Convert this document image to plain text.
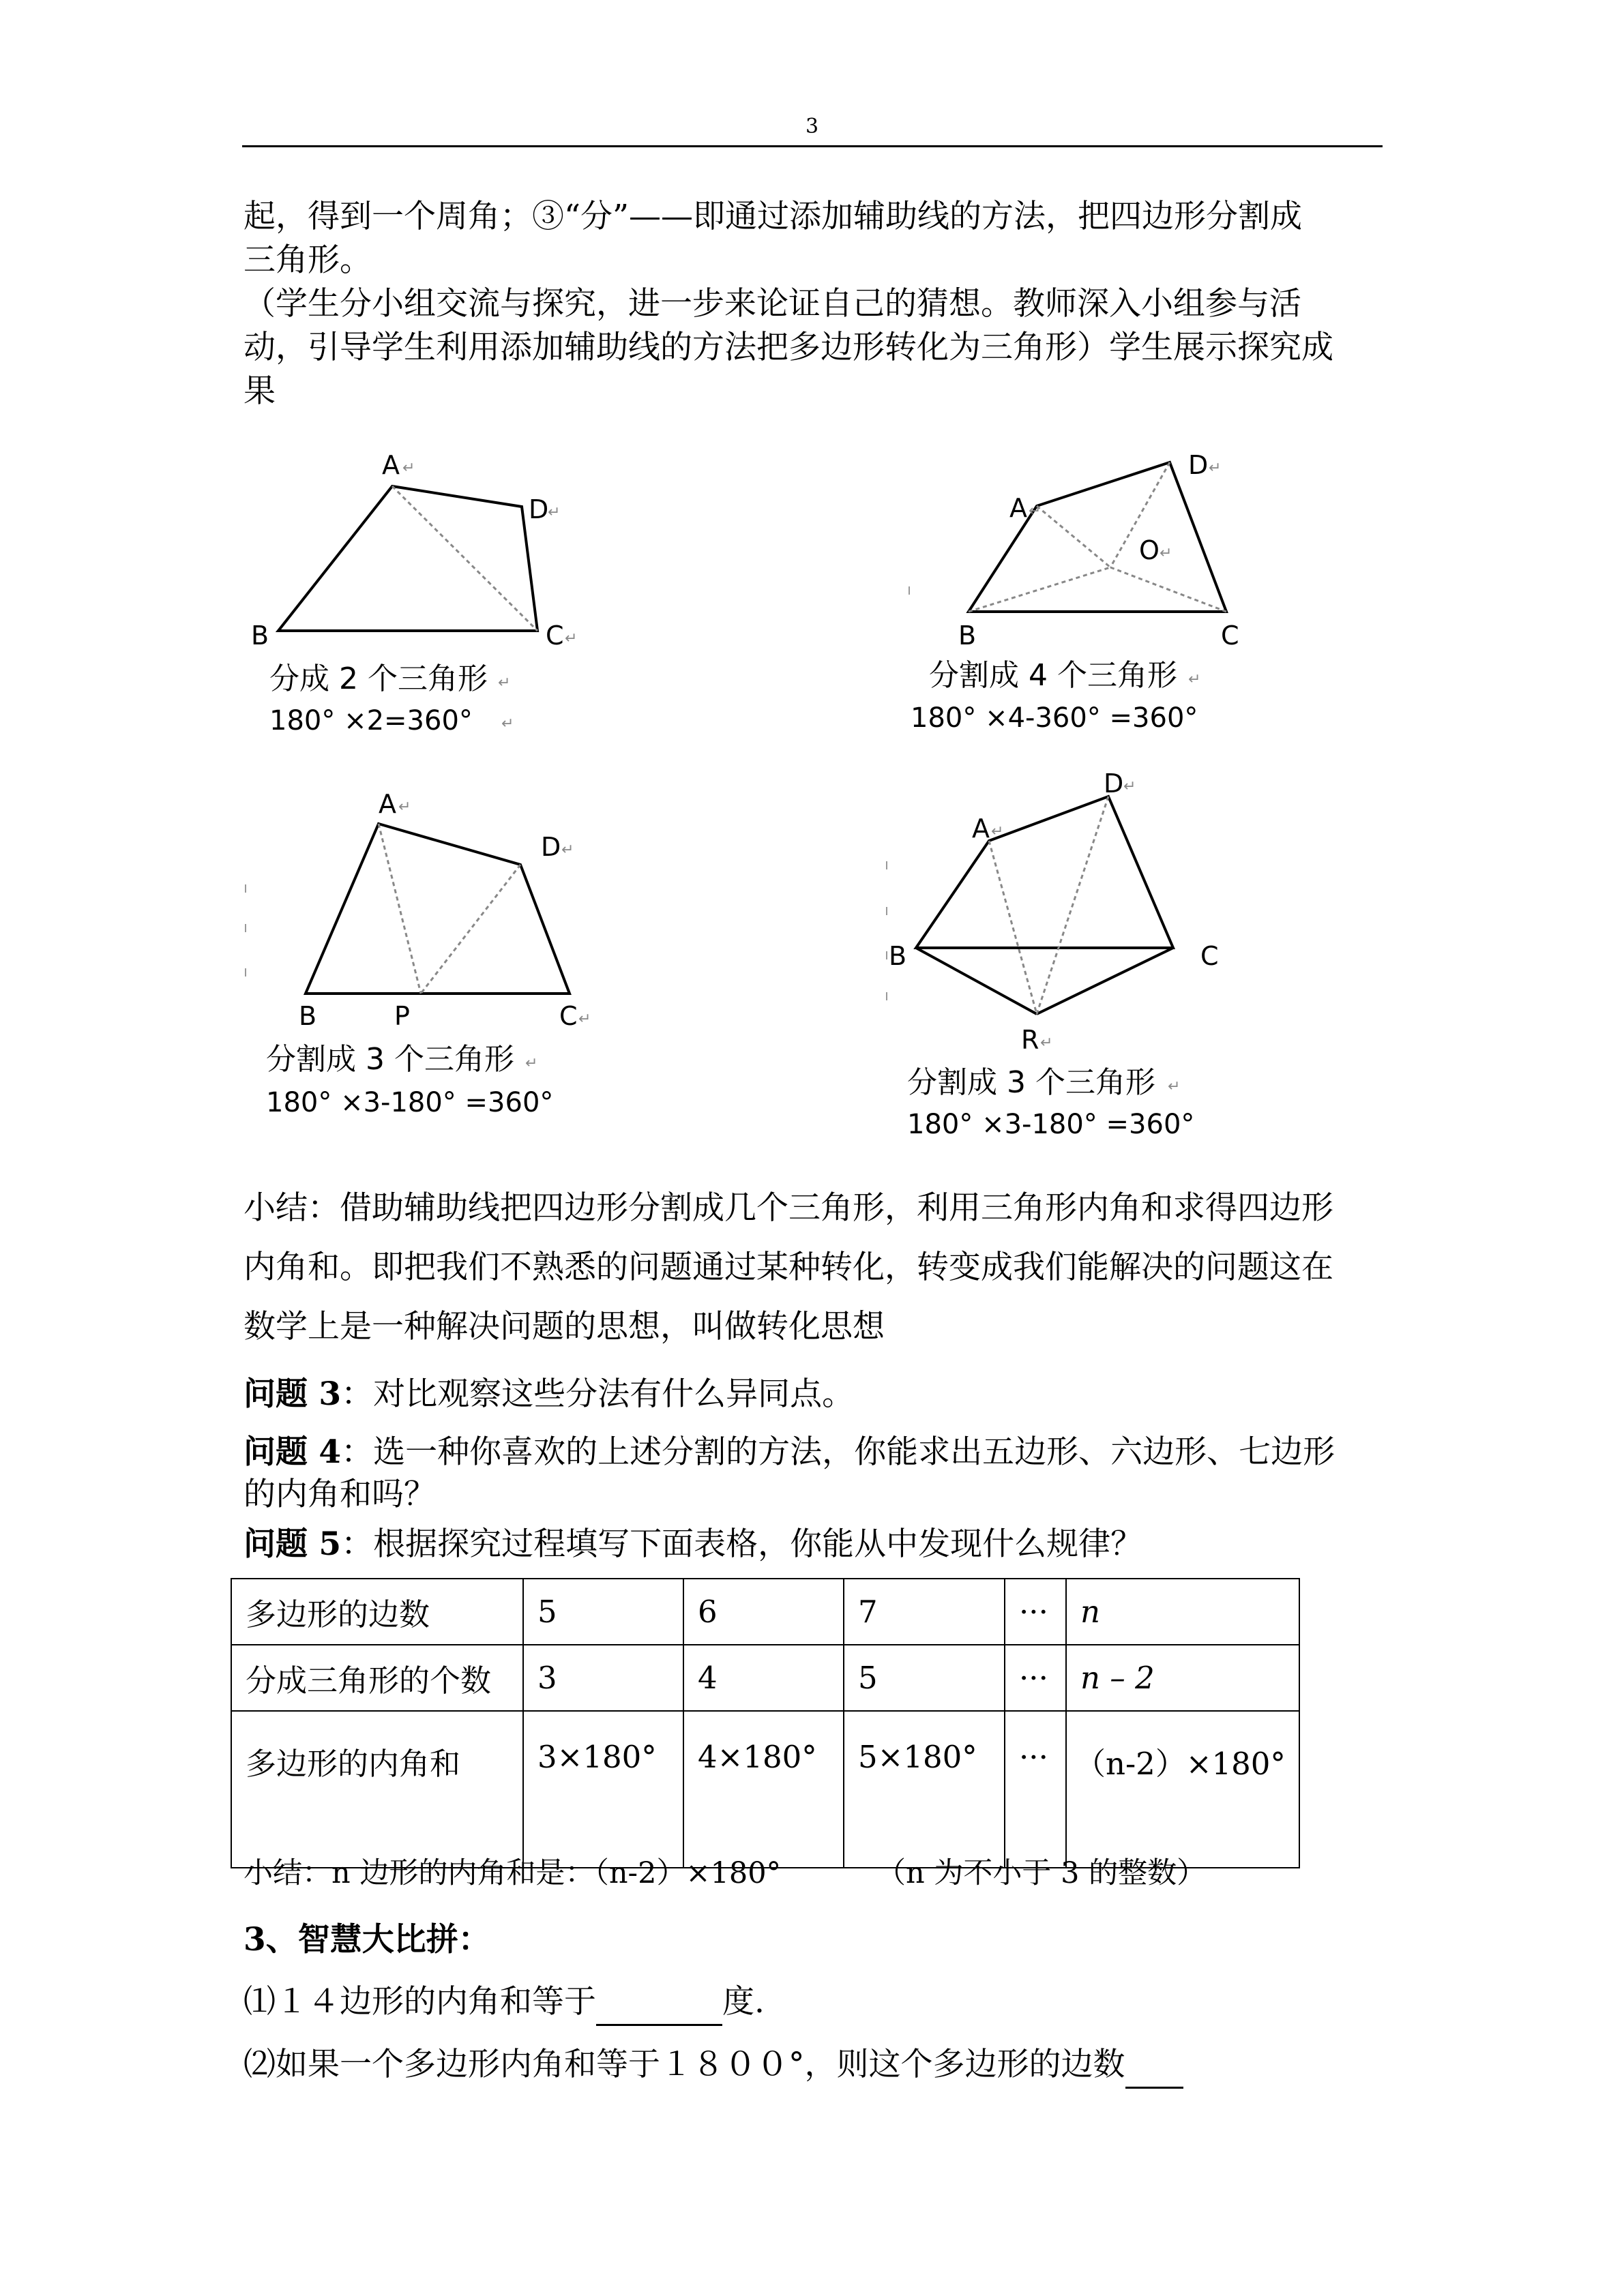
3
起，得到一个周角；③“分”——即通过添加辅助线的方法，把四边形分割成
三角形。
（学生分小组交流与探究，进一步来论证自己的猜想。教师深入小组参与活
动，引导学生利用添加辅助线的方法把多边形转化为三角形）学生展示探究成
果
A ↵
D
↵
B	C ↵
分成 2 个三角形 ↵
180° ×2=360° ↵
A ↵
D ↵
O ↵
B	C
分割成 4 个三角形 ↵
180° ×4-360° =360°
A ↵
D ↵
B	P	C ↵
分割成 3 个三角形 ↵
180° ×3-180° =360°
A ↵
D ↵
B	C
R ↵
分割成 3 个三角形 ↵
180° ×3-180° =360°
小结：借助辅助线把四边形分割成几个三角形，利用三角形内角和求得四边形
内角和。即把我们不熟悉的问题通过某种转化，转变成我们能解决的问题这在
数学上是一种解决问题的思想，叫做转化思想
问题 3：对比观察这些分法有什么异同点。
问题 4：选一种你喜欢的上述分割的方法，你能求出五边形、六边形、七边形
的内角和吗？
问题 5：根据探究过程填写下面表格，你能从中发现什么规律？
多边形的边数	5	6	7	···	n
分成三角形的个数	3	4	5	···	n – 2
多边形的内角和	3×180°	4×180°	5×180°	···	（n-2）×180°
小结：n 边形的内角和是：（n-2）×180°	（n 为不小于 3 的整数）
3、智慧大比拼：
⑴１４边形的内角和等于	度.
⑵如果一个多边形内角和等于１８００°，则这个多边形的边数
